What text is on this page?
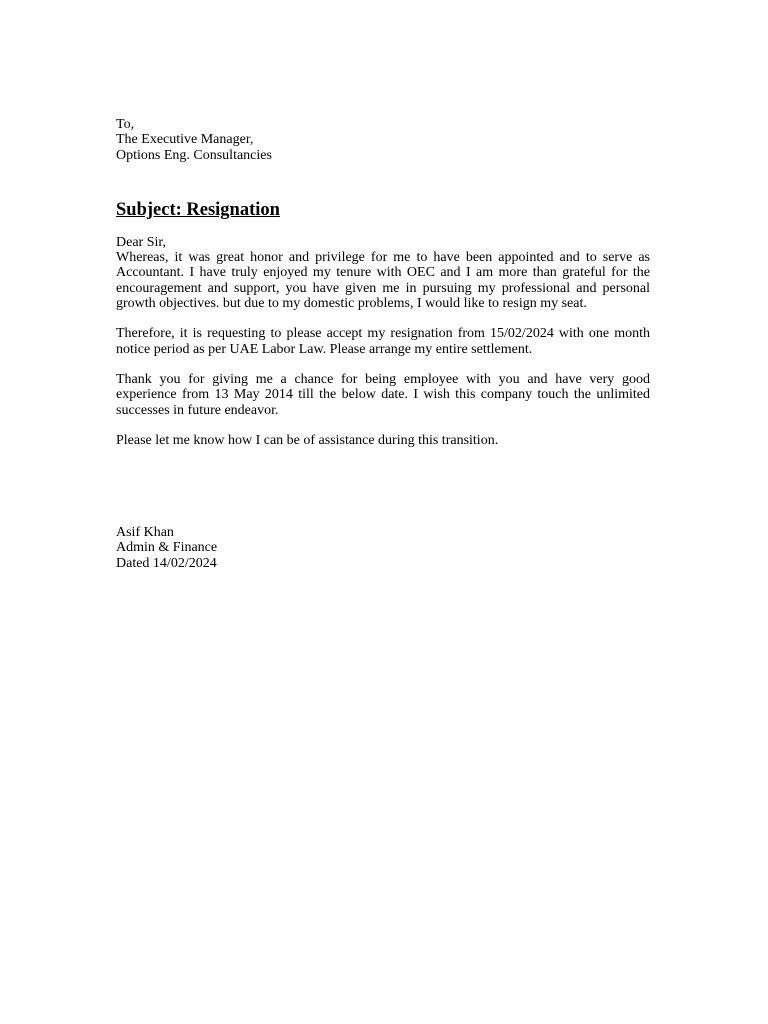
To,
The Executive Manager,
Options Eng. Consultancies
Subject: Resignation
Dear Sir,

Whereas, it was great honor and privilege for me to have been appointed and to serve as Accountant. I have truly enjoyed my tenure with OEC and I am more than grateful for the encouragement and support, you have given me in pursuing my professional and personal growth objectives. but due to my domestic problems, I would like to resign my seat.

Therefore, it is requesting to please accept my resignation from 15/02/2024 with one month notice period as per UAE Labor Law. Please arrange my entire settlement.

Thank you for giving me a chance for being employee with you and have very good experience from 13 May 2014 till the below date. I wish this company touch the unlimited successes in future endeavor.

Please let me know how I can be of assistance during this transition.

Asif Khan
Admin & Finance
Dated 14/02/2024
